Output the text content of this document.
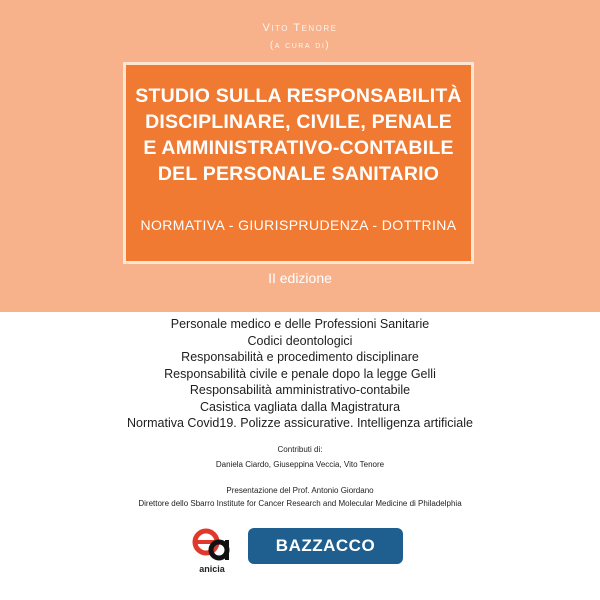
Vito Tenore
(a cura di)
STUDIO SULLA RESPONSABILITÀ
DISCIPLINARE, CIVILE, PENALE
E AMMINISTRATIVO-CONTABILE
DEL PERSONALE SANITARIO
NORMATIVA - GIURISPRUDENZA - DOTTRINA
II edizione
Personale medico e delle Professioni Sanitarie
Codici deontologici
Responsabilità e procedimento disciplinare
Responsabilità civile e penale dopo la legge Gelli
Responsabilità amministrativo-contabile
Casistica vagliata dalla Magistratura
Normativa Covid19. Polizze assicurative. Intelligenza artificiale
Contributi di:
Daniela Ciardo, Giuseppina Veccia, Vito Tenore
Presentazione del Prof. Antonio Giordano
Direttore dello Sbarro Institute for Cancer Research and Molecular Medicine di Philadelphia
anicia
BAZZACCO
